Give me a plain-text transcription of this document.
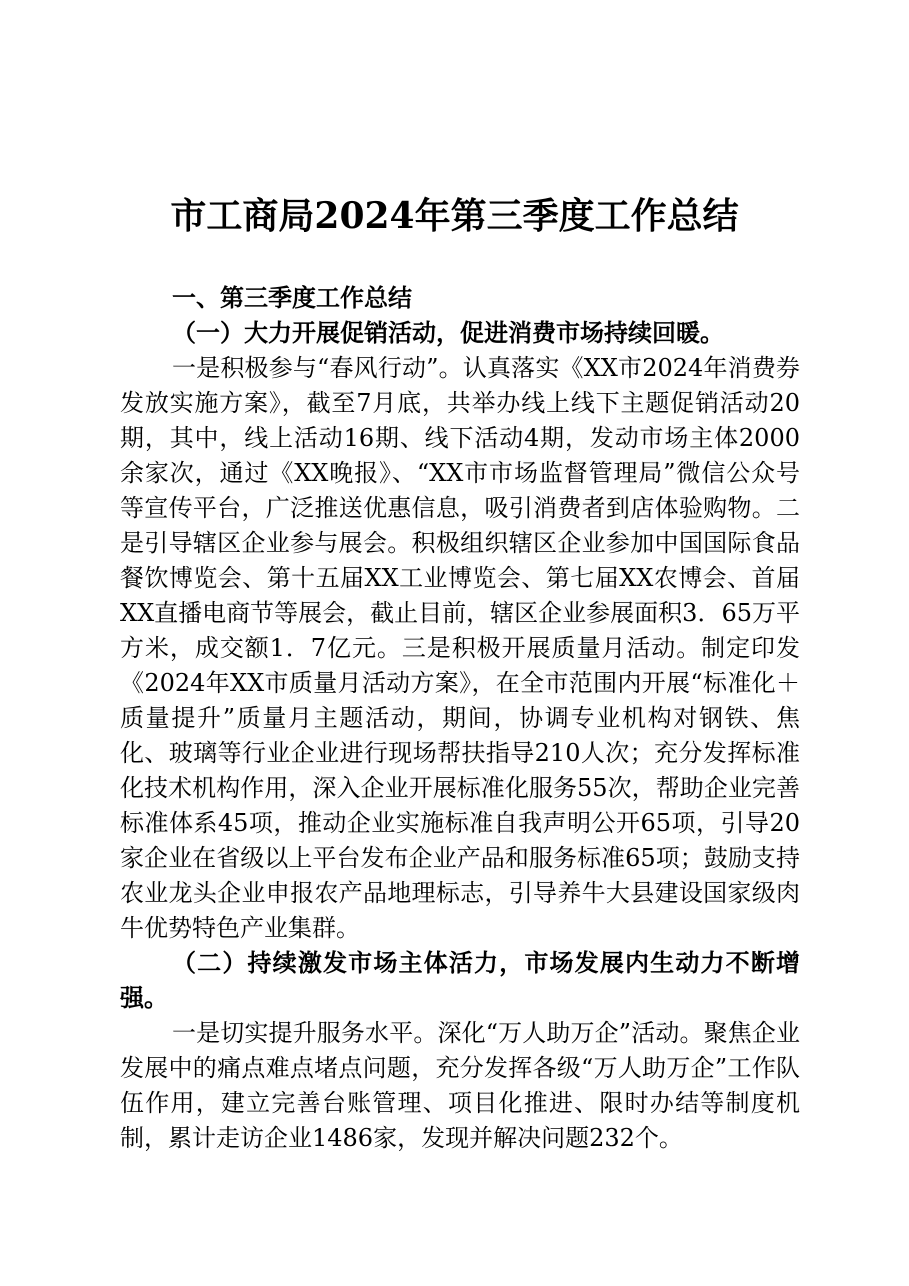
市工商局2024年第三季度工作总结

一、第三季度工作总结

（一）大力开展促销活动，促进消费市场持续回暖。

一是积极参与“春风行动”。认真落实《XX市2024年消费券发放实施方案》，截至7月底，共举办线上线下主题促销活动20期，其中，线上活动16期、线下活动4期，发动市场主体2000余家次，通过《XX晚报》、“XX市市场监督管理局”微信公众号等宣传平台，广泛推送优惠信息，吸引消费者到店体验购物。二是引导辖区企业参与展会。积极组织辖区企业参加中国国际食品餐饮博览会、第十五届XX工业博览会、第七届XX农博会、首届XX直播电商节等展会，截止目前，辖区企业参展面积3．65万平方米，成交额1．7亿元。三是积极开展质量月活动。制定印发《2024年XX市质量月活动方案》，在全市范围内开展“标准化＋质量提升”质量月主题活动，期间，协调专业机构对钢铁、焦化、玻璃等行业企业进行现场帮扶指导210人次；充分发挥标准化技术机构作用，深入企业开展标准化服务55次，帮助企业完善标准体系45项，推动企业实施标准自我声明公开65项，引导20家企业在省级以上平台发布企业产品和服务标准65项；鼓励支持农业龙头企业申报农产品地理标志，引导养牛大县建设国家级肉牛优势特色产业集群。

（二）持续激发市场主体活力，市场发展内生动力不断增强。

一是切实提升服务水平。深化“万人助万企”活动。聚焦企业发展中的痛点难点堵点问题，充分发挥各级“万人助万企”工作队伍作用，建立完善台账管理、项目化推进、限时办结等制度机制，累计走访企业1486家，发现并解决问题232个。
